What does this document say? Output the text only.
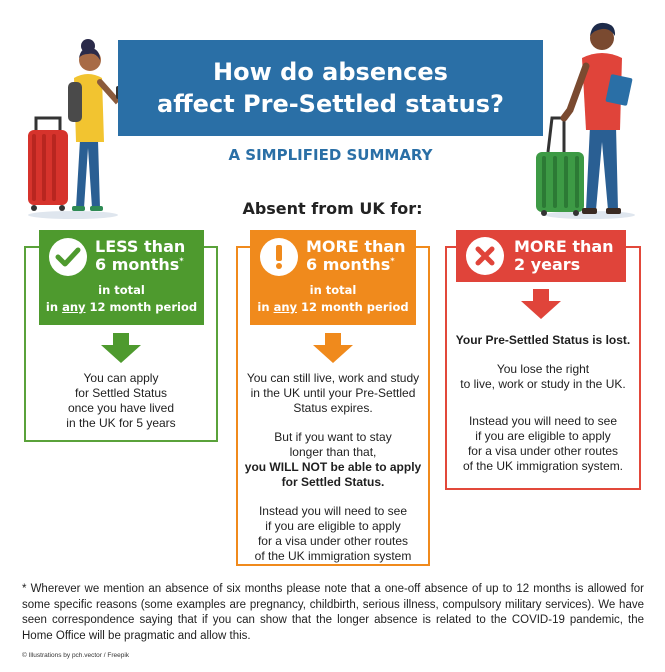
How do absences
affect Pre-Settled status?
A SIMPLIFIED SUMMARY
Absent from UK for:
LESS than
6 months*
in total
in any 12 month period
MORE than
6 months*
in total
in any 12 month period
MORE than
2 years
You can apply
for Settled Status
once you have lived
in the UK for 5 years
You can still live, work and study
in the UK until your Pre-Settled
Status expires.
But if you want to stay
longer than that,
you WILL NOT be able to apply
for Settled Status.
Instead you will need to see
if you are eligible to apply
for a visa under other routes
of the UK immigration system
Your Pre-Settled Status is lost.
You lose the right
to live, work or study in the UK.
Instead you will need to see
if you are eligible to apply
for a visa under other routes
of the UK immigration system.
* Wherever we mention an absence of six months please note that a one-off absence of up to 12 months is allowed for some specific reasons (some examples are pregnancy, childbirth, serious illness, compulsory military services). We have seen correspondence saying that if you can show that the longer absence is related to the COVID-19 pandemic, the Home Office will be pragmatic and allow this.
© Illustrations by pch.vector / Freepik
